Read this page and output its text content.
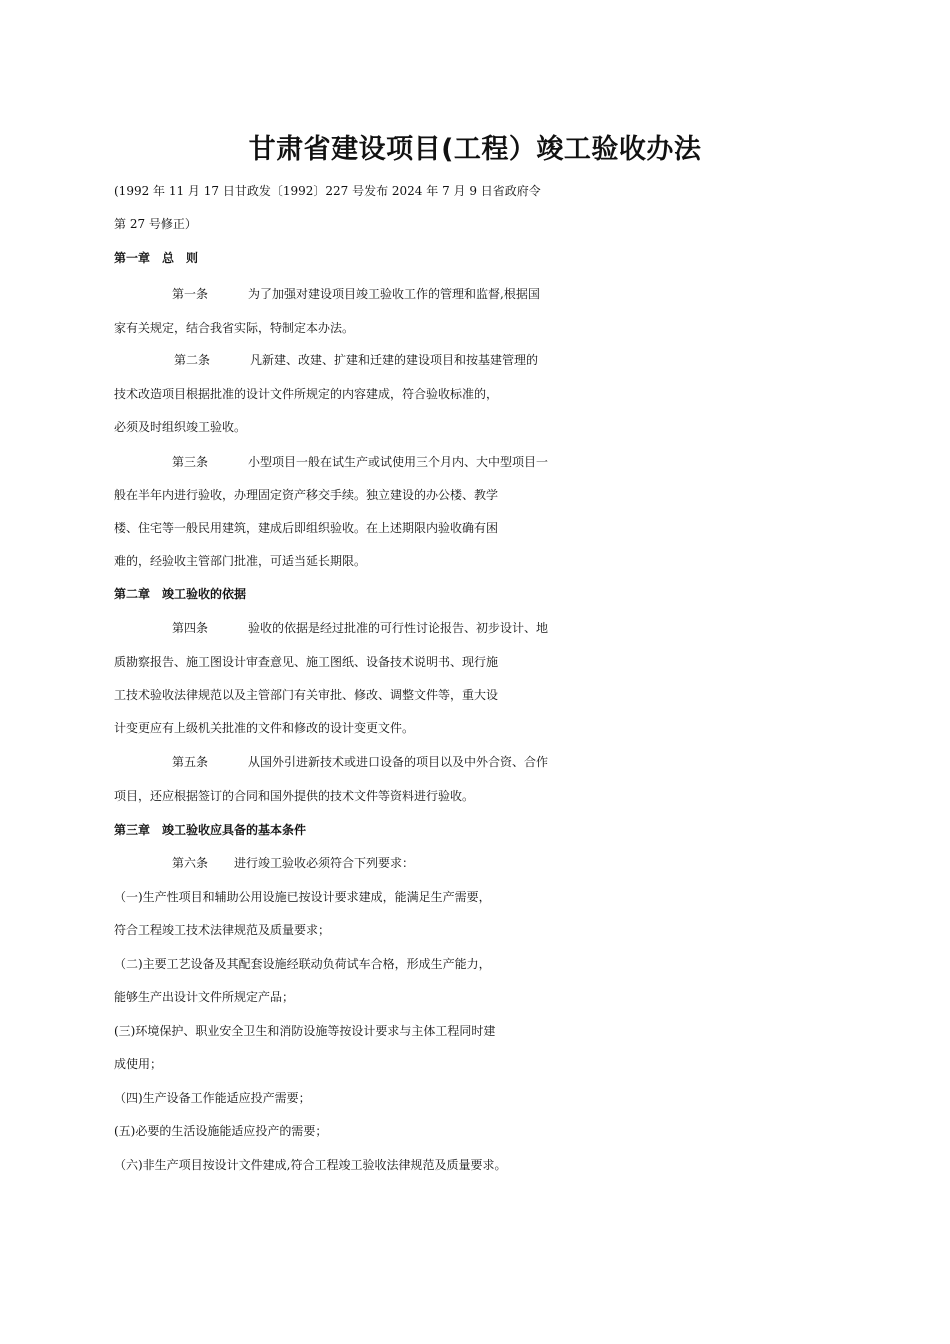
甘肃省建设项目(工程）竣工验收办法
(1992 年 11 月 17 日甘政发〔1992〕227 号发布 2024 年 7 月 9 日省政府令
第 27 号修正）
第一章　总　则
第一条	为了加强对建设项目竣工验收工作的管理和监督,根据国
家有关规定，结合我省实际，特制定本办法。
第二条	凡新建、改建、扩建和迁建的建设项目和按基建管理的
技术改造项目根据批准的设计文件所规定的内容建成，符合验收标准的，
必须及时组织竣工验收。
第三条	小型项目一般在试生产或试使用三个月内、大中型项目一
般在半年内进行验收，办理固定资产移交手续。独立建设的办公楼、教学
楼、住宅等一般民用建筑，建成后即组织验收。在上述期限内验收确有困
难的，经验收主管部门批准，可适当延长期限。
第二章　竣工验收的依据
第四条	验收的依据是经过批准的可行性讨论报告、初步设计、地
质勘察报告、施工图设计审查意见、施工图纸、设备技术说明书、现行施
工技术验收法律规范以及主管部门有关审批、修改、调整文件等，重大设
计变更应有上级机关批准的文件和修改的设计变更文件。
第五条	从国外引进新技术或进口设备的项目以及中外合资、合作
项目，还应根据签订的合同和国外提供的技术文件等资料进行验收。
第三章　竣工验收应具备的基本条件
第六条 进行竣工验收必须符合下列要求：
（一)生产性项目和辅助公用设施已按设计要求建成，能满足生产需要，
符合工程竣工技术法律规范及质量要求；
（二)主要工艺设备及其配套设施经联动负荷试车合格，形成生产能力，
能够生产出设计文件所规定产品；
(三)环境保护、职业安全卫生和消防设施等按设计要求与主体工程同时建
成使用；
（四)生产设备工作能适应投产需要；
(五)必要的生活设施能适应投产的需要；
（六)非生产项目按设计文件建成,符合工程竣工验收法律规范及质量要求。
